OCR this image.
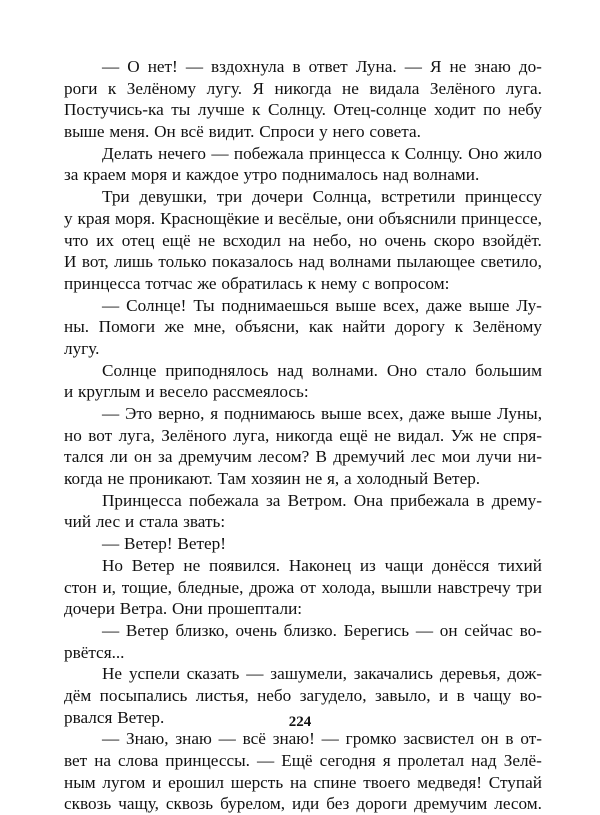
— О нет! — вздохнула в ответ Луна. — Я не знаю до-
роги к Зелёному лугу. Я никогда не видала Зелёного луга.
Постучись-ка ты лучше к Солнцу. Отец-солнце ходит по небу
выше меня. Он всё видит. Спроси у него совета.
Делать нечего — побежала принцесса к Солнцу. Оно жило
за краем моря и каждое утро поднималось над волнами.
Три девушки, три дочери Солнца, встретили принцессу
у края моря. Краснощёкие и весёлые, они объяснили принцессе,
что их отец ещё не всходил на небо, но очень скоро взойдёт.
И вот, лишь только показалось над волнами пылающее светило,
принцесса тотчас же обратилась к нему с вопросом:
— Солнце! Ты поднимаешься выше всех, даже выше Лу-
ны. Помоги же мне, объясни, как найти дорогу к Зелёному
лугу.
Солнце приподнялось над волнами. Оно стало большим
и круглым и весело рассмеялось:
— Это верно, я поднимаюсь выше всех, даже выше Луны,
но вот луга, Зелёного луга, никогда ещё не видал. Уж не спря-
тался ли он за дремучим лесом? В дремучий лес мои лучи ни-
когда не проникают. Там хозяин не я, а холодный Ветер.
Принцесса побежала за Ветром. Она прибежала в дрему-
чий лес и стала звать:
— Ветер! Ветер!
Но Ветер не появился. Наконец из чащи донёсся тихий
стон и, тощие, бледные, дрожа от холода, вышли навстречу три
дочери Ветра. Они прошептали:
— Ветер близко, очень близко. Берегись — он сейчас во-
рвётся...
Не успели сказать — зашумели, закачались деревья, дож-
дём посыпались листья, небо загудело, завыло, и в чащу во-
рвался Ветер.
— Знаю, знаю — всё знаю! — громко засвистел он в от-
вет на слова принцессы. — Ещё сегодня я пролетал над Зелё-
ным лугом и ерошил шерсть на спине твоего медведя! Ступай
сквозь чащу, сквозь бурелом, иди без дороги дремучим лесом.
224
